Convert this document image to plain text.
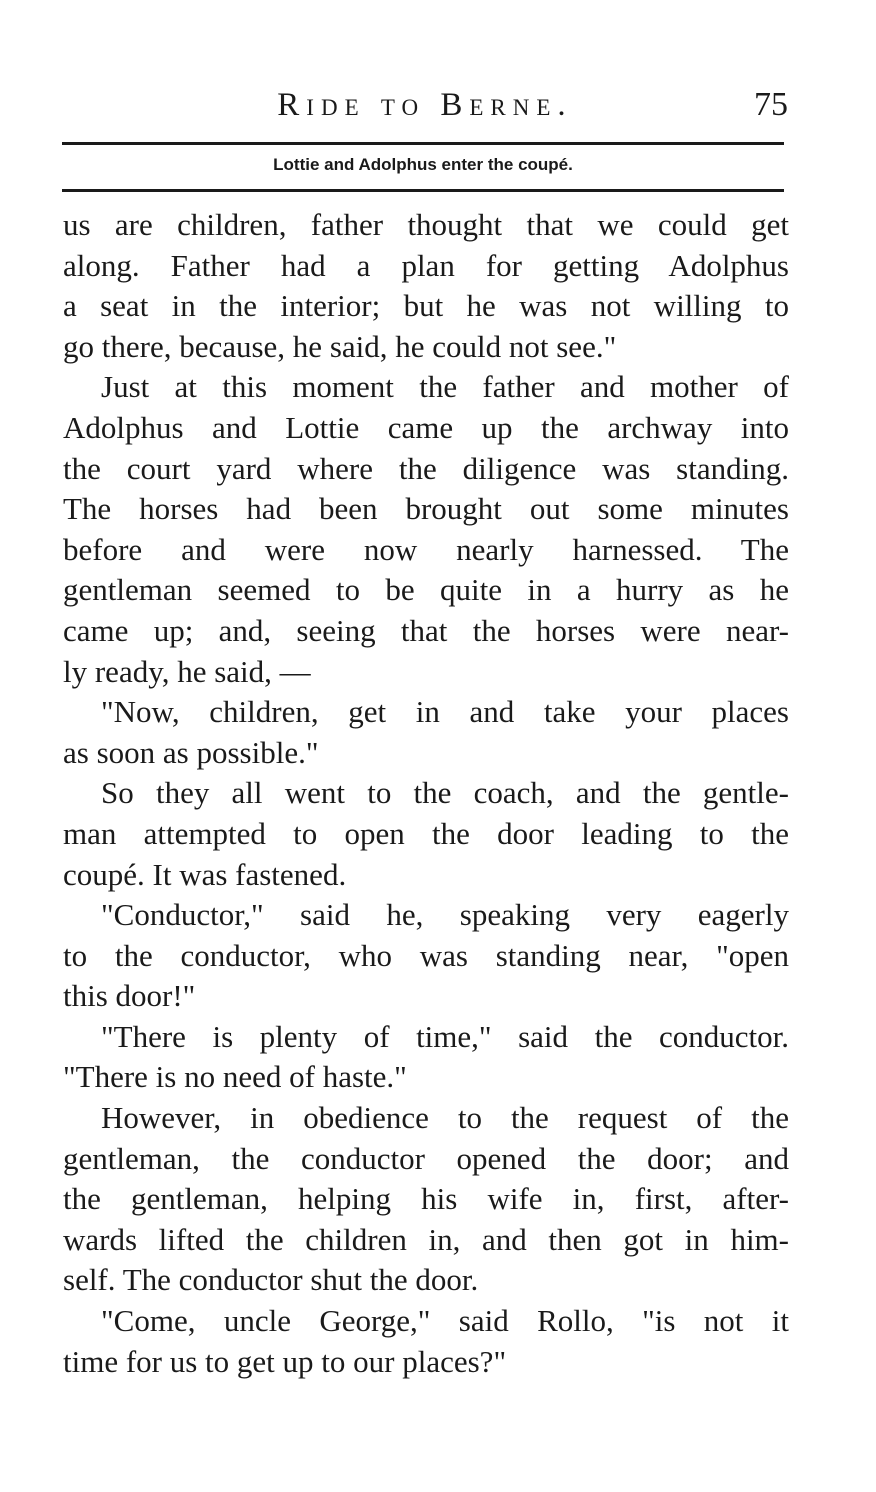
Ride to Berne.	75
Lottie and Adolphus enter the coupé.
us are children, father thought that we could get
along. Father had a plan for getting Adolphus
a seat in the interior; but he was not willing to
go there, because, he said, he could not see."
Just at this moment the father and mother of
Adolphus and Lottie came up the archway into
the court yard where the diligence was standing.
The horses had been brought out some minutes
before and were now nearly harnessed. The
gentleman seemed to be quite in a hurry as he
came up; and, seeing that the horses were near-
ly ready, he said, —
"Now, children, get in and take your places
as soon as possible."
So they all went to the coach, and the gentle-
man attempted to open the door leading to the
coupé. It was fastened.
"Conductor," said he, speaking very eagerly
to the conductor, who was standing near, "open
this door!"
"There is plenty of time," said the conductor.
"There is no need of haste."
However, in obedience to the request of the
gentleman, the conductor opened the door; and
the gentleman, helping his wife in, first, after-
wards lifted the children in, and then got in him-
self. The conductor shut the door.
"Come, uncle George," said Rollo, "is not it
time for us to get up to our places?"
